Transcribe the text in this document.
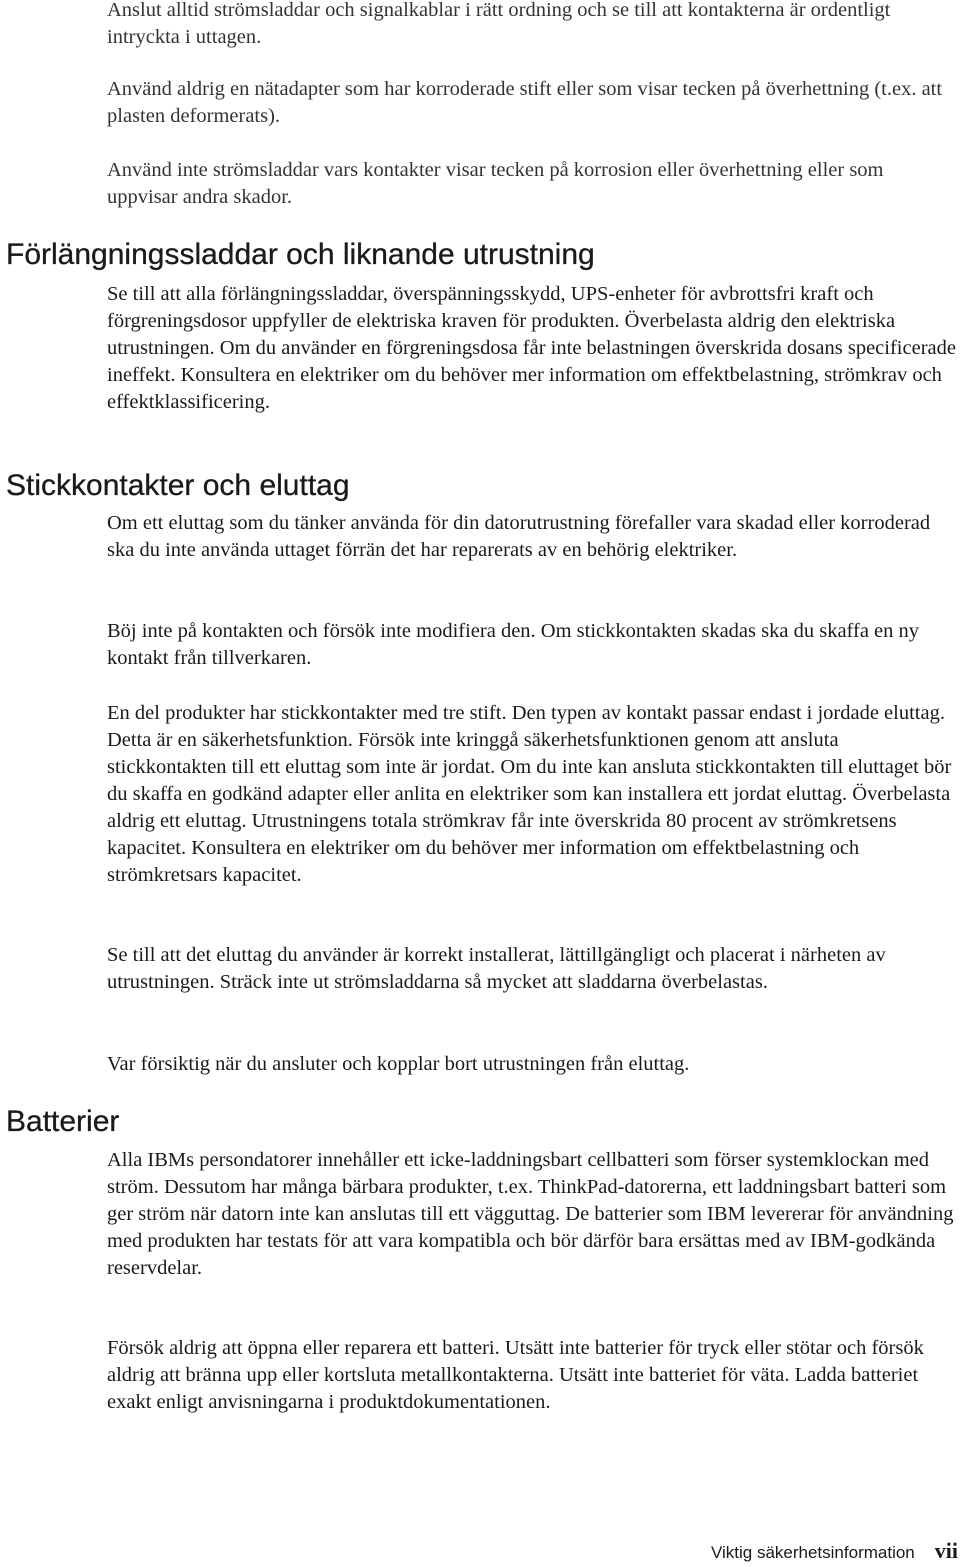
Anslut alltid strömsladdar och signalkablar i rätt ordning och se till att kontakterna är ordentligt intryckta i uttagen.

Använd aldrig en nätadapter som har korroderade stift eller som visar tecken på överhettning (t.ex. att plasten deformerats).

Använd inte strömsladdar vars kontakter visar tecken på korrosion eller överhettning eller som uppvisar andra skador.

Förlängningssladdar och liknande utrustning

Se till att alla förlängningssladdar, överspänningsskydd, UPS-enheter för avbrottsfri kraft och förgreningsdosor uppfyller de elektriska kraven för produkten. Överbelasta aldrig den elektriska utrustningen. Om du använder en förgreningsdosa får inte belastningen överskrida dosans specificerade ineffekt. Konsultera en elektriker om du behöver mer information om effektbelastning, strömkrav och effektklassificering.

Stickkontakter och eluttag

Om ett eluttag som du tänker använda för din datorutrustning förefaller vara skadad eller korroderad ska du inte använda uttaget förrän det har reparerats av en behörig elektriker.

Böj inte på kontakten och försök inte modifiera den. Om stickkontakten skadas ska du skaffa en ny kontakt från tillverkaren.

En del produkter har stickkontakter med tre stift. Den typen av kontakt passar endast i jordade eluttag. Detta är en säkerhetsfunktion. Försök inte kringgå säkerhetsfunktionen genom att ansluta stickkontakten till ett eluttag som inte är jordat. Om du inte kan ansluta stickkontakten till eluttaget bör du skaffa en godkänd adapter eller anlita en elektriker som kan installera ett jordat eluttag. Överbelasta aldrig ett eluttag. Utrustningens totala strömkrav får inte överskrida 80 procent av strömkretsens kapacitet. Konsultera en elektriker om du behöver mer information om effektbelastning och strömkretsars kapacitet.

Se till att det eluttag du använder är korrekt installerat, lättillgängligt och placerat i närheten av utrustningen. Sträck inte ut strömsladdarna så mycket att sladdarna överbelastas.

Var försiktig när du ansluter och kopplar bort utrustningen från eluttag.

Batterier

Alla IBMs persondatorer innehåller ett icke-laddningsbart cellbatteri som förser systemklockan med ström. Dessutom har många bärbara produkter, t.ex. ThinkPad-datorerna, ett laddningsbart batteri som ger ström när datorn inte kan anslutas till ett vägguttag. De batterier som IBM levererar för användning med produkten har testats för att vara kompatibla och bör därför bara ersättas med av IBM-godkända reservdelar.

Försök aldrig att öppna eller reparera ett batteri. Utsätt inte batterier för tryck eller stötar och försök aldrig att bränna upp eller kortsluta metallkontakterna. Utsätt inte batteriet för väta. Ladda batteriet exakt enligt anvisningarna i produktdokumentationen.

Viktig säkerhetsinformation vii
